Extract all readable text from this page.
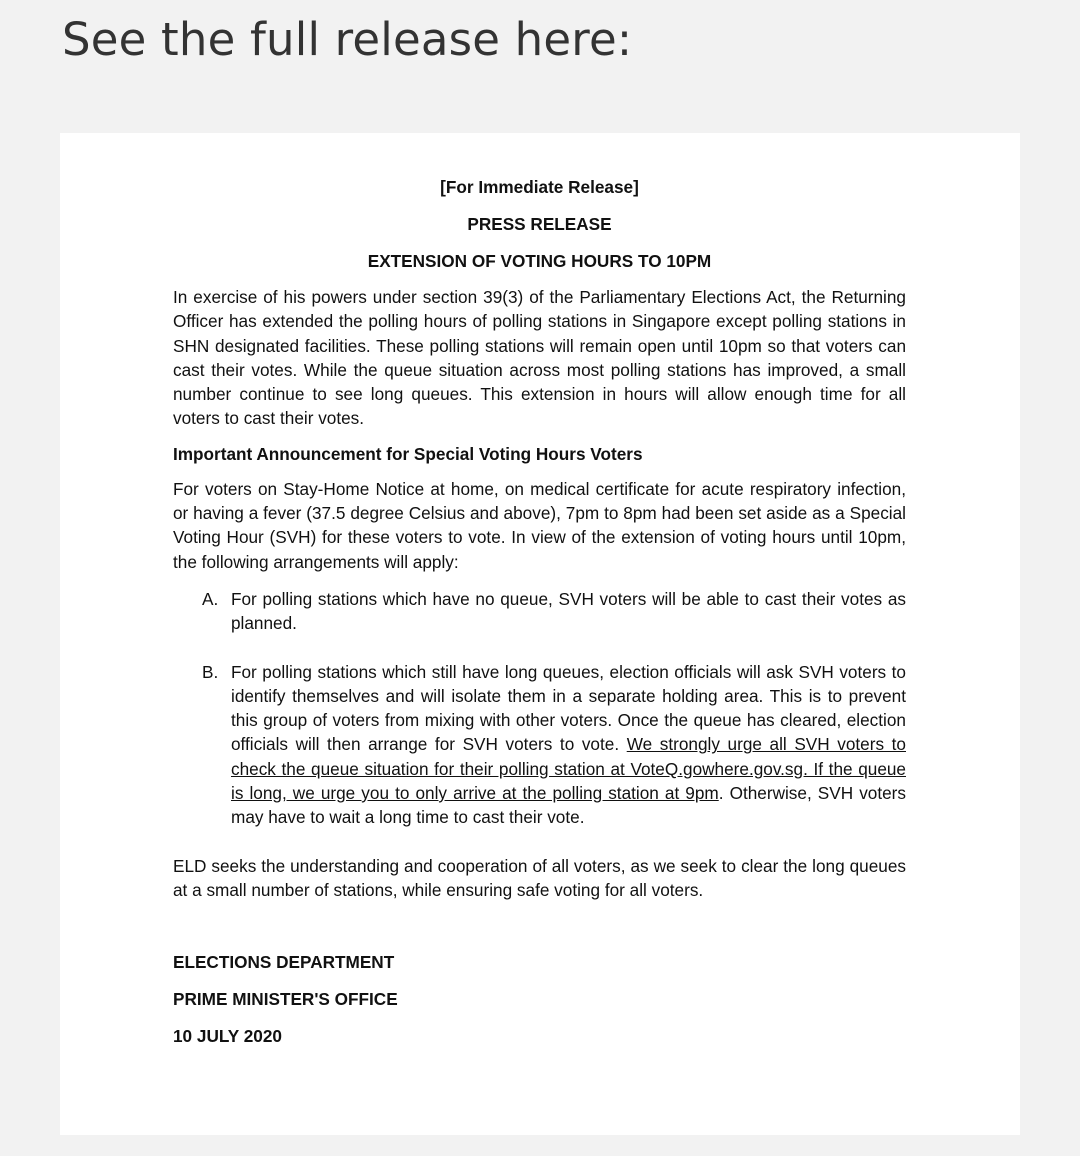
See the full release here:
[For Immediate Release]
PRESS RELEASE
EXTENSION OF VOTING HOURS TO 10PM

In exercise of his powers under section 39(3) of the Parliamentary Elections Act, the Returning Officer has extended the polling hours of polling stations in Singapore except polling stations in SHN designated facilities. These polling stations will remain open until 10pm so that voters can cast their votes. While the queue situation across most polling stations has improved, a small number continue to see long queues. This extension in hours will allow enough time for all voters to cast their votes.

Important Announcement for Special Voting Hours Voters

For voters on Stay-Home Notice at home, on medical certificate for acute respiratory infection, or having a fever (37.5 degree Celsius and above), 7pm to 8pm had been set aside as a Special Voting Hour (SVH) for these voters to vote. In view of the extension of voting hours until 10pm, the following arrangements will apply:

A. For polling stations which have no queue, SVH voters will be able to cast their votes as planned.

B. For polling stations which still have long queues, election officials will ask SVH voters to identify themselves and will isolate them in a separate holding area. This is to prevent this group of voters from mixing with other voters. Once the queue has cleared, election officials will then arrange for SVH voters to vote. We strongly urge all SVH voters to check the queue situation for their polling station at VoteQ.gowhere.gov.sg. If the queue is long, we urge you to only arrive at the polling station at 9pm. Otherwise, SVH voters may have to wait a long time to cast their vote.

ELD seeks the understanding and cooperation of all voters, as we seek to clear the long queues at a small number of stations, while ensuring safe voting for all voters.

ELECTIONS DEPARTMENT
PRIME MINISTER'S OFFICE
10 JULY 2020
